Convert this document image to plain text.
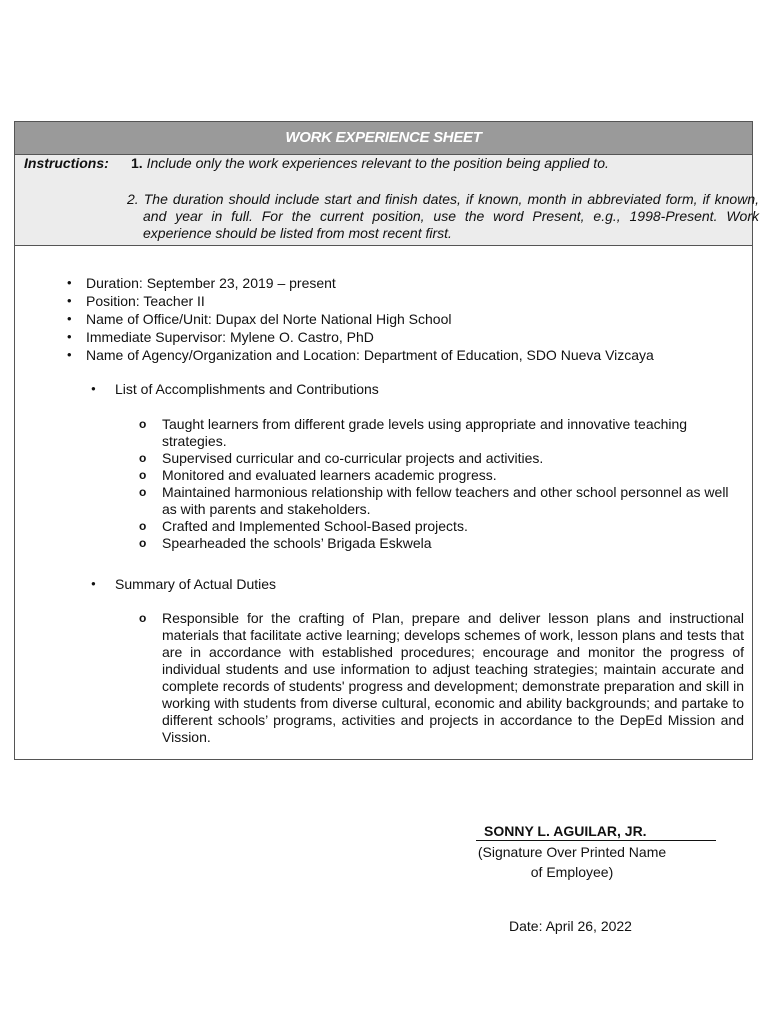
WORK EXPERIENCE SHEET
Instructions: 1. Include only the work experiences relevant to the position being applied to.
2. The duration should include start and finish dates, if known, month in abbreviated form, if known, and year in full. For the current position, use the word Present, e.g., 1998-Present. Work experience should be listed from most recent first.
• Duration: September 23, 2019 – present
• Position: Teacher II
• Name of Office/Unit: Dupax del Norte National High School
• Immediate Supervisor: Mylene O. Castro, PhD
• Name of Agency/Organization and Location: Department of Education, SDO Nueva Vizcaya
● List of Accomplishments and Contributions
o Taught learners from different grade levels using appropriate and innovative teaching strategies.
o Supervised curricular and co-curricular projects and activities.
o Monitored and evaluated learners academic progress.
o Maintained harmonious relationship with fellow teachers and other school personnel as well as with parents and stakeholders.
o Crafted and Implemented School-Based projects.
o Spearheaded the schools’ Brigada Eskwela
● Summary of Actual Duties
o Responsible for the crafting of Plan, prepare and deliver lesson plans and instructional materials that facilitate active learning; develops schemes of work, lesson plans and tests that are in accordance with established procedures; encourage and monitor the progress of individual students and use information to adjust teaching strategies; maintain accurate and complete records of students' progress and development; demonstrate preparation and skill in working with students from diverse cultural, economic and ability backgrounds; and partake to different schools’ programs, activities and projects in accordance to the DepEd Mission and Vission.
SONNY L. AGUILAR, JR.
(Signature Over Printed Name
of Employee)
Date: April 26, 2022
